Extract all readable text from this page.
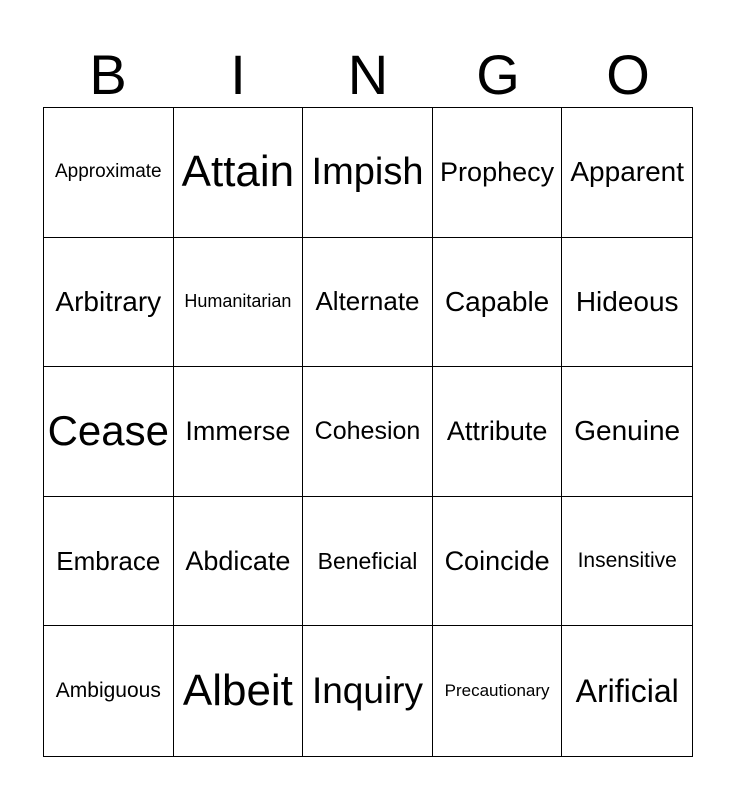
B	I	N	G	O
Approximate Attain Impish Prophecy Apparent
Arbitrary	Humanitarian Alternate Capable Hideous
Cease Immerse Cohesion Attribute Genuine
Embrace Abdicate	Beneficial	Coincide	Insensitive
Ambiguous Albeit Inquiry	Precautionary Arificial
